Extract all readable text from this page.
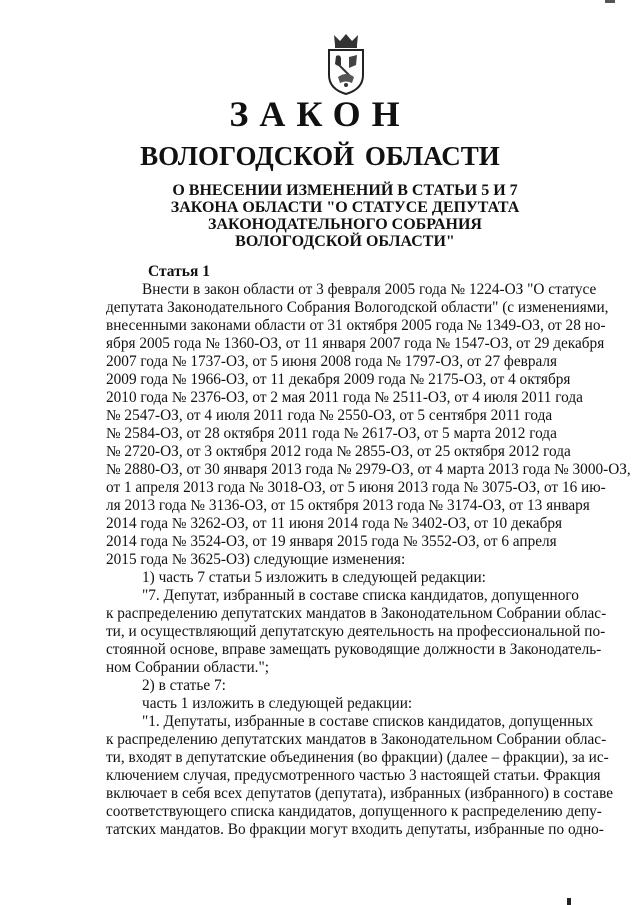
ЗАКОН
ВОЛОГОДСКОЙ ОБЛАСТИ
О ВНЕСЕНИИ ИЗМЕНЕНИЙ В СТАТЬИ 5 И 7
ЗАКОНА ОБЛАСТИ "О СТАТУСЕ ДЕПУТАТА
ЗАКОНОДАТЕЛЬНОГО СОБРАНИЯ
ВОЛОГОДСКОЙ ОБЛАСТИ"
Статья 1
Внести в закон области от 3 февраля 2005 года № 1224-ОЗ "О статусе
депутата Законодательного Собрания Вологодской области" (с изменениями,
внесенными законами области от 31 октября 2005 года № 1349-ОЗ, от 28 но-
ября 2005 года № 1360-ОЗ, от 11 января 2007 года № 1547-ОЗ, от 29 декабря
2007 года № 1737-ОЗ, от 5 июня 2008 года № 1797-ОЗ, от 27 февраля
2009 года № 1966-ОЗ, от 11 декабря 2009 года № 2175-ОЗ, от 4 октября
2010 года № 2376-ОЗ, от 2 мая 2011 года № 2511-ОЗ, от 4 июля 2011 года
№ 2547-ОЗ, от 4 июля 2011 года № 2550-ОЗ, от 5 сентября 2011 года
№ 2584-ОЗ, от 28 октября 2011 года № 2617-ОЗ, от 5 марта 2012 года
№ 2720-ОЗ, от 3 октября 2012 года № 2855-ОЗ, от 25 октября 2012 года
№ 2880-ОЗ, от 30 января 2013 года № 2979-ОЗ, от 4 марта 2013 года № 3000-ОЗ,
от 1 апреля 2013 года № 3018-ОЗ, от 5 июня 2013 года № 3075-ОЗ, от 16 ию-
ля 2013 года № 3136-ОЗ, от 15 октября 2013 года № 3174-ОЗ, от 13 января
2014 года № 3262-ОЗ, от 11 июня 2014 года № 3402-ОЗ, от 10 декабря
2014 года № 3524-ОЗ, от 19 января 2015 года № 3552-ОЗ, от 6 апреля
2015 года № 3625-ОЗ) следующие изменения:
1) часть 7 статьи 5 изложить в следующей редакции:
"7. Депутат, избранный в составе списка кандидатов, допущенного
к распределению депутатских мандатов в Законодательном Собрании облас-
ти, и осуществляющий депутатскую деятельность на профессиональной по-
стоянной основе, вправе замещать руководящие должности в Законодатель-
ном Собрании области.";
2) в статье 7:
часть 1 изложить в следующей редакции:
"1. Депутаты, избранные в составе списков кандидатов, допущенных
к распределению депутатских мандатов в Законодательном Собрании облас-
ти, входят в депутатские объединения (во фракции) (далее – фракции), за ис-
ключением случая, предусмотренного частью 3 настоящей статьи. Фракция
включает в себя всех депутатов (депутата), избранных (избранного) в составе
соответствующего списка кандидатов, допущенного к распределению депу-
татских мандатов. Во фракции могут входить депутаты, избранные по одно-
